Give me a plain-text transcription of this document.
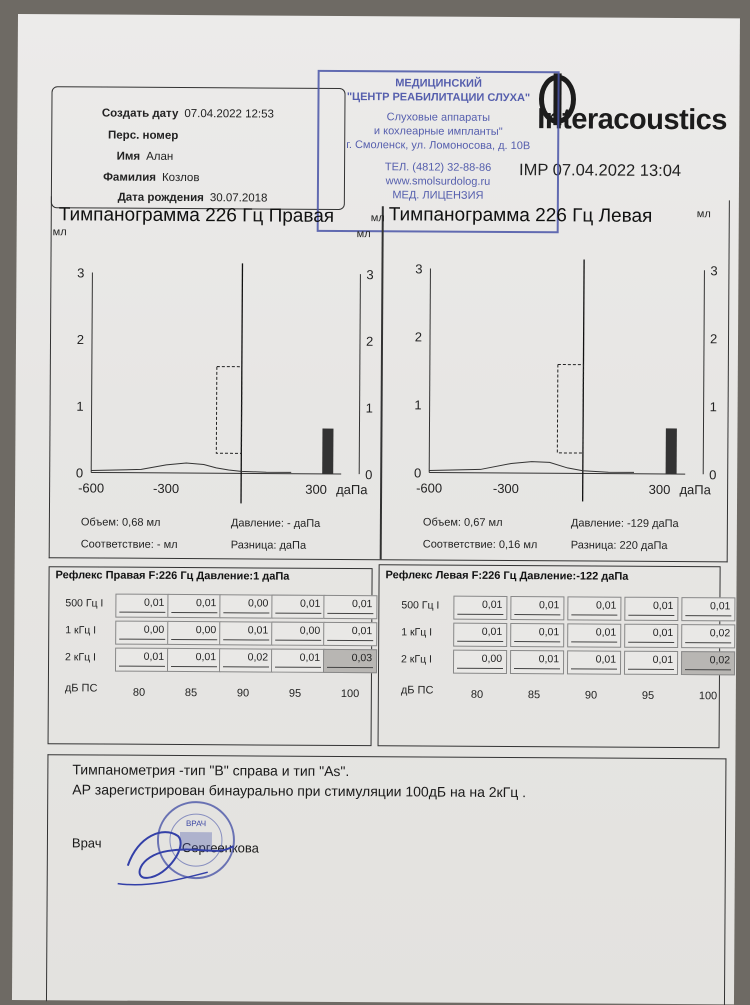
Создать дату 07.04.2022 12:53
Перс. номер
Имя Алан
Фамилия Козлов
Дата рождения 30.07.2018
Interacoustics
IMP 07.04.2022 13:04
МЕДИЦИНСКИЙ
"ЦЕНТР РЕАБИЛИТАЦИИ СЛУХА"
Слуховые аппараты
и кохлеарные импланты"
г. Смоленск, ул. Ломоносова, д. 10В
ТЕЛ. (4812) 32-88-86
www.smolsurdolog.ru
МЕД. ЛИЦЕНЗИЯ
Тимпанограмма 226 Гц Правая
мл	мл
0	0
1	1
2	2
3	3
-600	-300	300 даПа
Объем: 0,68 мл	Давление: - даПа
Соответствие: - мл	Разница: даПа
Тимпанограмма 226 Гц Левая
мл	мл
0	0
1	1
2	2
3	3
-600	-300	300 даПа
Объем: 0,67 мл	Давление: -129 даПа
Соответствие: 0,16 мл	Разница: 220 даПа
Рефлекс Правая F:226 Гц Давление:1 даПа
500 Гц I	0,01	0,01	0,00	0,01	0,01
1 кГц I	0,00	0,00	0,01	0,00	0,01
2 кГц I	0,01	0,01	0,02	0,01	0,03
дБ ПС	80	85	90	95	100
Рефлекс Левая F:226 Гц Давление:-122 даПа
500 Гц I	0,01	0,01	0,01	0,01	0,01
1 кГц I	0,01	0,01	0,01	0,01	0,02
2 кГц I	0,00	0,01	0,01	0,01	0,02
дБ ПС	80	85	90	95	100
Тимпанометрия -тип "В" справа и тип "As".
АР зарегистрирован бинаурально при стимуляции 100дБ на на 2кГц .
Врач	Сергеенкова
ВРАЧ
